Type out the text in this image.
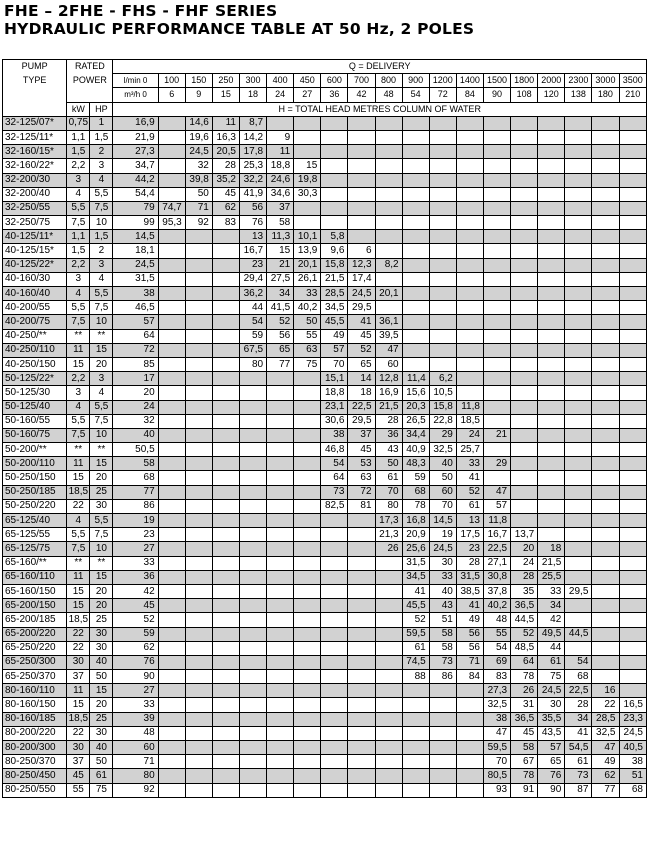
FHE – 2FHE - FHS - FHF SERIES
HYDRAULIC PERFORMANCE TABLE AT 50 Hz, 2 POLES
PUMP	RATED		Q = DELIVERY																		
TYPE	POWER		l/min 0	100	150	250	300	400	450	600	700	800	900	1200	1400	1500	1800	2000	2300	3000	3500
			m³/h 0	6	9	15	18	24	27	36	42	48	54	72	84	90	108	120	138	180	210
	kW	HP	H = TOTAL HEAD METRES COLUMN OF WATER																		
32-125/07*	0,75	1	16,9		14,6	11	8,7														
32-125/11*	1,1	1,5	21,9		19,6	16,3	14,2	9													
32-160/15*	1,5	2	27,3		24,5	20,5	17,8	11													
32-160/22*	2,2	3	34,7		32	28	25,3	18,8	15												
32-200/30	3	4	44,2		39,8	35,2	32,2	24,6	19,8												
32-200/40	4	5,5	54,4		50	45	41,9	34,6	30,3												
32-250/55	5,5	7,5	79	74,7	71	62	56	37													
32-250/75	7,5	10	99	95,3	92	83	76	58													
40-125/11*	1,1	1,5	14,5				13	11,3	10,1	5,8											
40-125/15*	1,5	2	18,1				16,7	15	13,9	9,6	6										
40-125/22*	2,2	3	24,5				23	21	20,1	15,8	12,3	8,2									
40-160/30	3	4	31,5				29,4	27,5	26,1	21,5	17,4										
40-160/40	4	5,5	38				36,2	34	33	28,5	24,5	20,1									
40-200/55	5,5	7,5	46,5				44	41,5	40,2	34,5	29,5										
40-200/75	7,5	10	57				54	52	50	45,5	41	36,1									
40-250/**	**	**	64				59	56	55	49	45	39,5									
40-250/110	11	15	72				67,5	65	63	57	52	47									
40-250/150	15	20	85				80	77	75	70	65	60									
50-125/22*	2,2	3	17							15,1	14	12,8	11,4	6,2							
50-125/30	3	4	20							18,8	18	16,9	15,6	10,5							
50-125/40	4	5,5	24							23,1	22,5	21,5	20,3	15,8	11,8						
50-160/55	5,5	7,5	32							30,6	29,5	28	26,5	22,8	18,5						
50-160/75	7,5	10	40							38	37	36	34,4	29	24	21					
50-200/**	**	**	50,5							46,8	45	43	40,9	32,5	25,7						
50-200/110	11	15	58							54	53	50	48,3	40	33	29					
50-250/150	15	20	68							64	63	61	59	50	41						
50-250/185	18,5	25	77							73	72	70	68	60	52	47					
50-250/220	22	30	86							82,5	81	80	78	70	61	57					
65-125/40	4	5,5	19									17,3	16,8	14,5	13	11,8					
65-125/55	5,5	7,5	23									21,3	20,9	19	17,5	16,7	13,7				
65-125/75	7,5	10	27									26	25,6	24,5	23	22,5	20	18			
65-160/**	**	**	33										31,5	30	28	27,1	24	21,5			
65-160/110	11	15	36										34,5	33	31,5	30,8	28	25,5			
65-160/150	15	20	42										41	40	38,5	37,8	35	33	29,5		
65-200/150	15	20	45										45,5	43	41	40,2	36,5	34			
65-200/185	18,5	25	52										52	51	49	48	44,5	42			
65-200/220	22	30	59										59,5	58	56	55	52	49,5	44,5		
65-250/220	22	30	62										61	58	56	54	48,5	44			
65-250/300	30	40	76										74,5	73	71	69	64	61	54		
65-250/370	37	50	90										88	86	84	83	78	75	68		
80-160/110	11	15	27													27,3	26	24,5	22,5	16	
80-160/150	15	20	33													32,5	31	30	28	22	16,5
80-160/185	18,5	25	39													38	36,5	35,5	34	28,5	23,3
80-200/220	22	30	48													47	45	43,5	41	32,5	24,5
80-200/300	30	40	60													59,5	58	57	54,5	47	40,5
80-250/370	37	50	71													70	67	65	61	49	38
80-250/450	45	61	80													80,5	78	76	73	62	51
80-250/550	55	75	92													93	91	90	87	77	68
